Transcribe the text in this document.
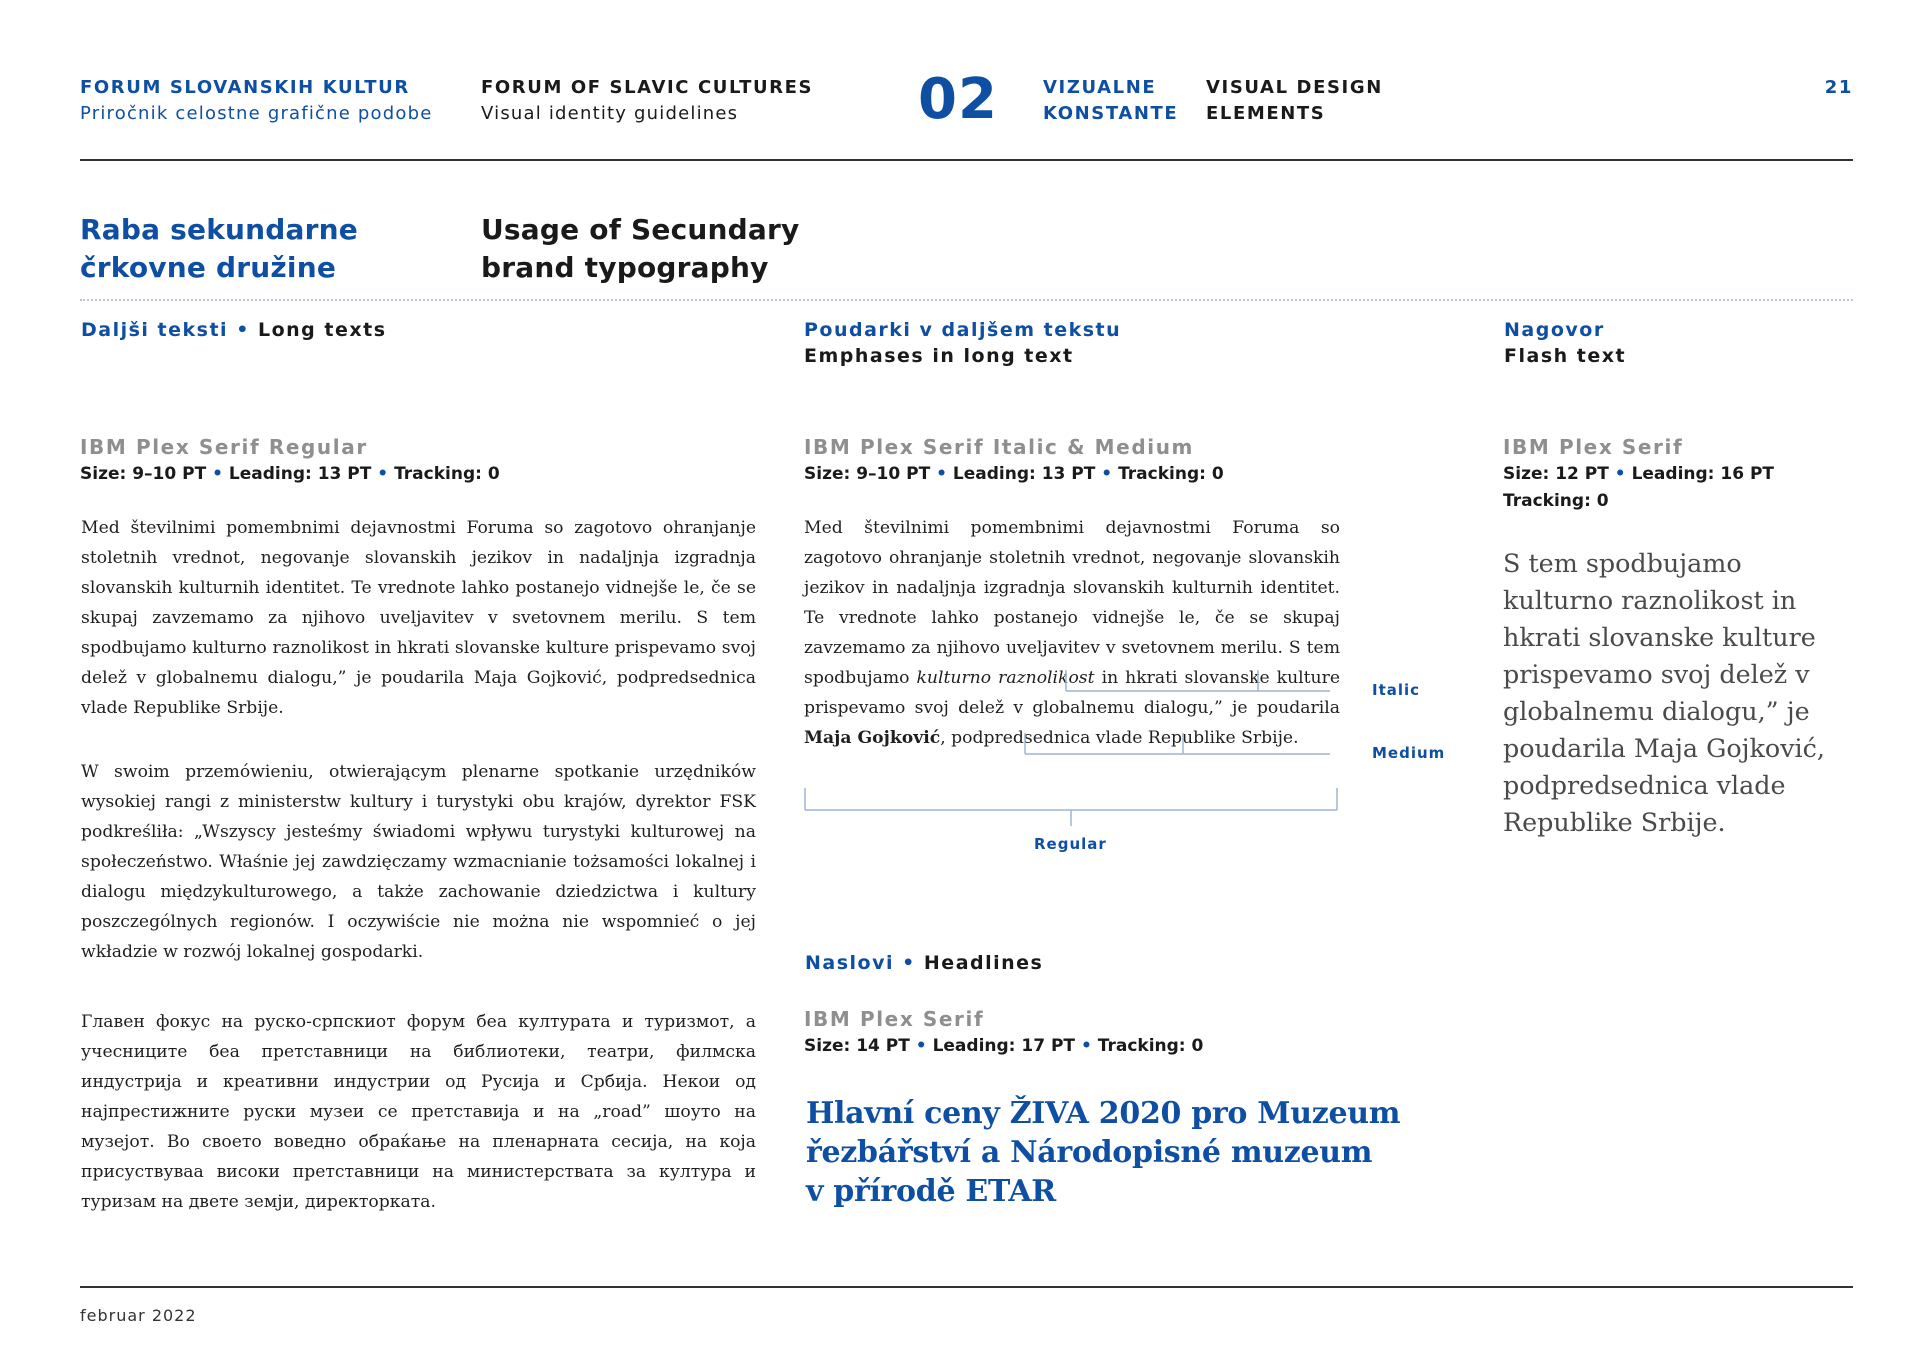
FORUM SLOVANSKIH KULTUR
Priročnik celostne grafične podobe
FORUM OF SLAVIC CULTURES
Visual identity guidelines	02	VIZUALNE
KONSTANTE
VISUAL DESIGN
ELEMENTS
21
Raba sekundarne
črkovne družine
Usage of Secundary
brand typography
Daljši teksti • Long texts
IBM Plex Serif Regular
Size: 9–10 PT • Leading: 13 PT • Tracking: 0

Med številnimi pomembnimi dejavnostmi Foruma so zagotovo ohranjanje stoletnih vrednot, negovanje slovanskih jezikov in nadaljnja izgradnja slovanskih kulturnih identitet. Te vrednote lahko postanejo vidnejše le, če se skupaj zavzemamo za njihovo uveljavitev v svetovnem merilu. S tem spodbujamo kulturno raznolikost in hkrati slovanske kulture prispevamo svoj delež v globalnemu dialogu,” je poudarila Maja Gojković, podpredsednica vlade Republike Srbije.

W swoim przemówieniu, otwierającym plenarne spotkanie urzędników wysokiej rangi z ministerstw kultury i turystyki obu krajów, dyrektor FSK podkreśliła: „Wszyscy jesteśmy świadomi wpływu turystyki kulturowej na społeczeństwo. Właśnie jej zawdzięczamy wzmacnianie tożsamości lokalnej i dialogu międzykulturowego, a także zachowanie dziedzictwa i kultury poszczególnych regionów. I oczywiście nie można nie wspomnieć o jej wkładzie w rozwój lokalnej gospodarki.

Главен фокус на руско-српскиот форум беа културата и туризмот, а учесниците беа претставници на библиотеки, театри, филмска индустрија и креативни индустрии од Русија и Србија. Некои од најпрестижните руски музеи се претставија и на „road” шоуто на музејот. Во своето воведно обраќање на пленарната сесија, на која присуствуваа високи претставници на министерствата за култура и туризам на двете земји, директорката.

Poudarki v daljšem tekstu
Emphases in long text
IBM Plex Serif Italic & Medium
Size: 9–10 PT • Leading: 13 PT • Tracking: 0

Med številnimi pomembnimi dejavnostmi Foruma so zagotovo ohranjanje stoletnih vrednot, negovanje slovanskih jezikov in nadaljnja izgradnja slovanskih kulturnih identitet. Te vrednote lahko postanejo vidnejše le, če se skupaj zavzemamo za njihovo uveljavitev v svetovnem merilu. S tem spodbujamo kulturno raznolikost in hkrati slovanske kulture prispevamo svoj delež v globalnemu dialogu,” je poudarila Maja Gojković, podpredsednica vlade Republike Srbije.

Italic
Medium
Regular
Naslovi • Headlines
IBM Plex Serif
Size: 14 PT • Leading: 17 PT • Tracking: 0
Hlavní ceny ŽIVA 2020 pro Muzeum
řezbářství a Národopisné muzeum
v přírodě ETAR
Nagovor
Flash text
IBM Plex Serif
Size: 12 PT • Leading: 16 PT
Tracking: 0

S tem spodbujamo kulturno raznolikost in hkrati slovanske kulture prispevamo svoj delež v globalnemu dialogu,” je poudarila Maja Gojković, podpredsednica vlade Republike Srbije.

februar 2022
